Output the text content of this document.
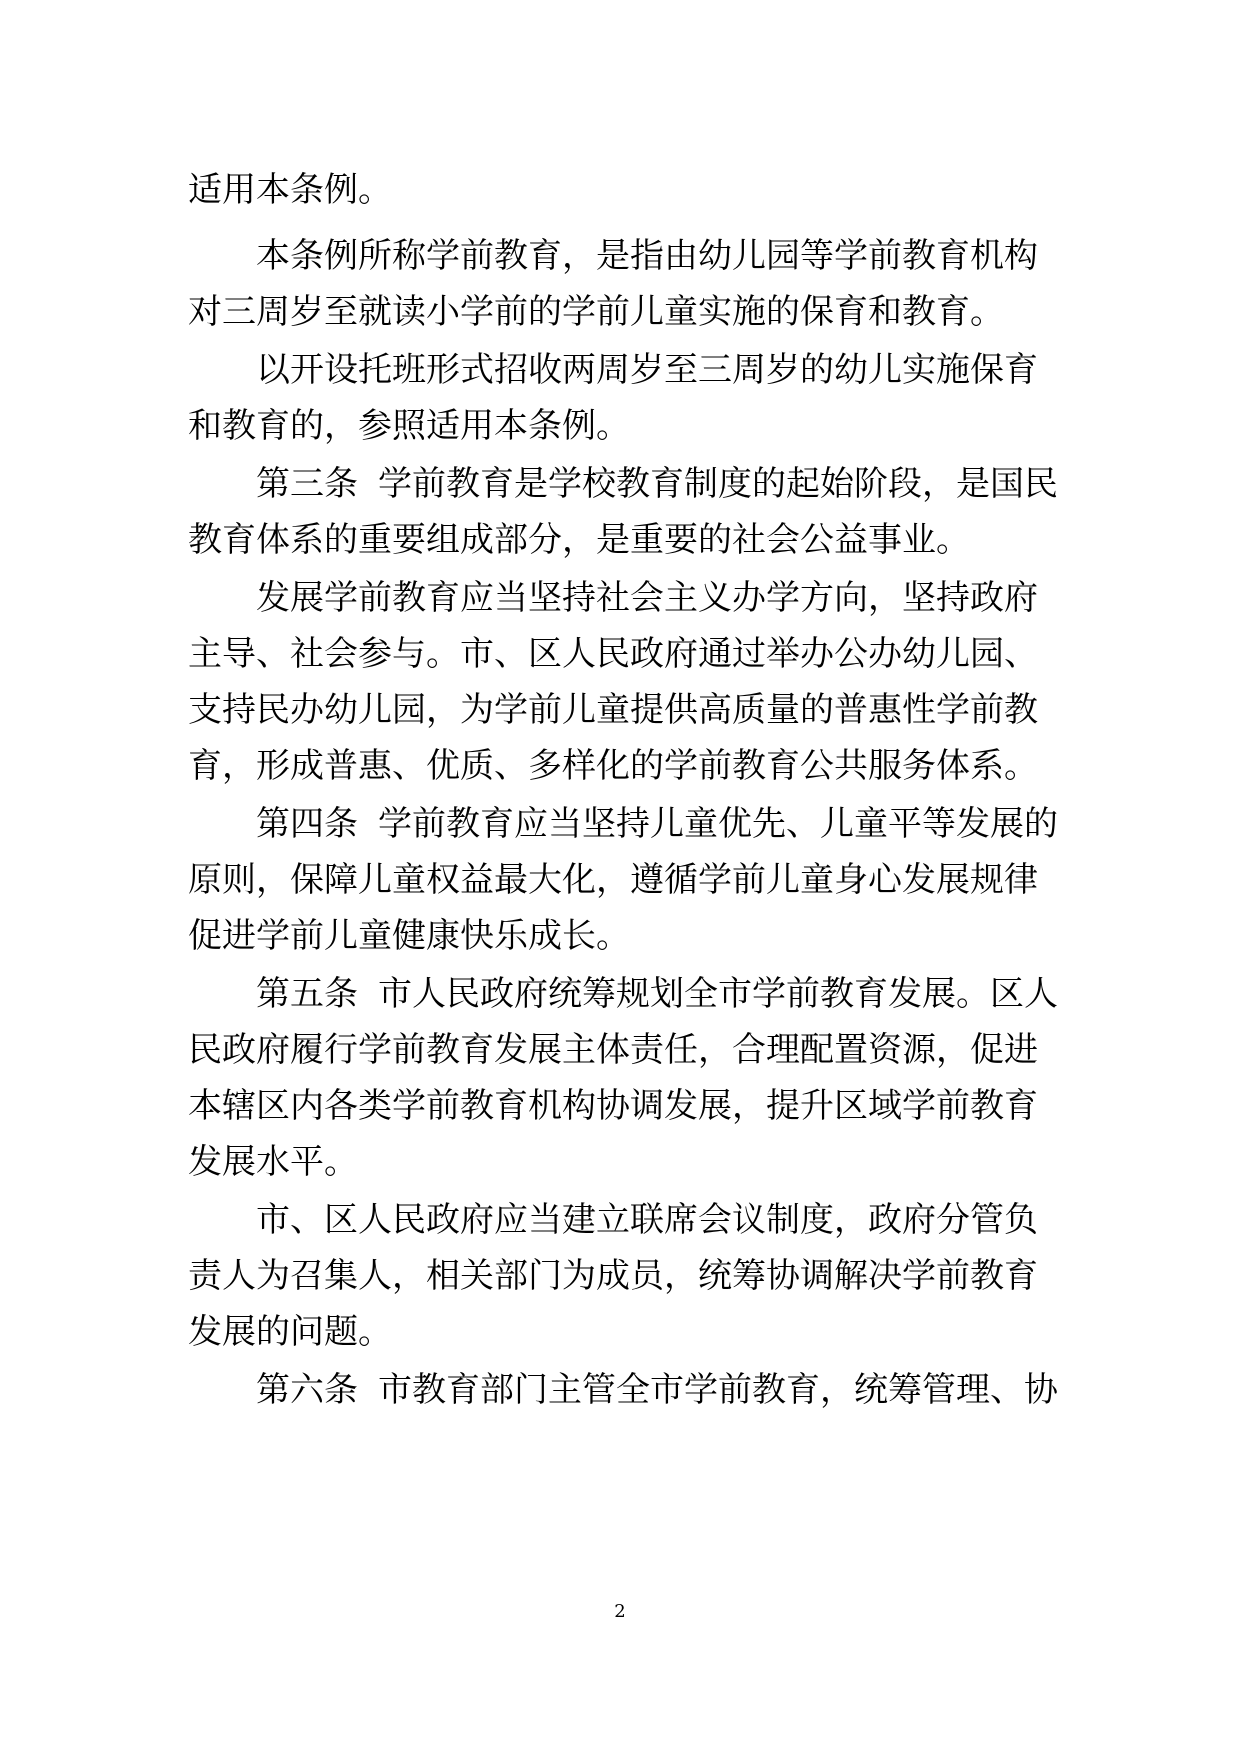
适用本条例。
本条例所称学前教育，是指由幼儿园等学前教育机构
对三周岁至就读小学前的学前儿童实施的保育和教育。
以开设托班形式招收两周岁至三周岁的幼儿实施保育
和教育的，参照适用本条例。
第三条 学前教育是学校教育制度的起始阶段，是国民
教育体系的重要组成部分，是重要的社会公益事业。
发展学前教育应当坚持社会主义办学方向，坚持政府
主导、社会参与。市、区人民政府通过举办公办幼儿园、
支持民办幼儿园，为学前儿童提供高质量的普惠性学前教
育，形成普惠、优质、多样化的学前教育公共服务体系。
第四条 学前教育应当坚持儿童优先、儿童平等发展的
原则，保障儿童权益最大化，遵循学前儿童身心发展规律
促进学前儿童健康快乐成长。
第五条 市人民政府统筹规划全市学前教育发展。区人
民政府履行学前教育发展主体责任，合理配置资源，促进
本辖区内各类学前教育机构协调发展，提升区域学前教育
发展水平。
市、区人民政府应当建立联席会议制度，政府分管负
责人为召集人，相关部门为成员，统筹协调解决学前教育
发展的问题。
第六条 市教育部门主管全市学前教育，统筹管理、协
2
